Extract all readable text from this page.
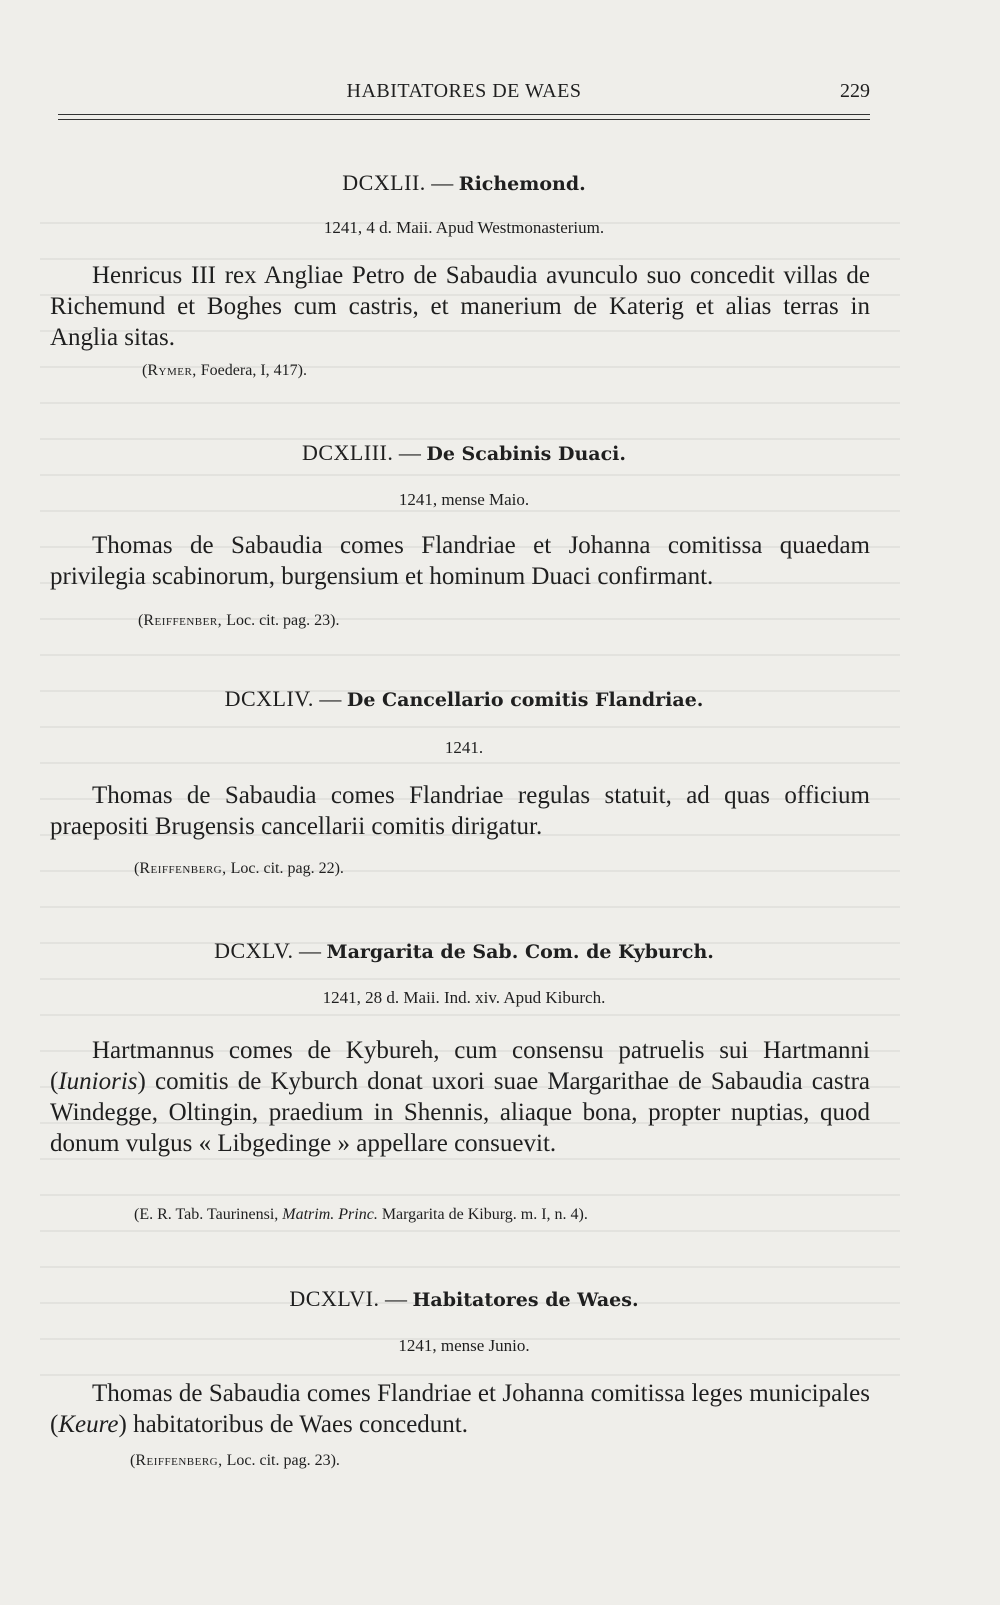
HABITATORES DE WAES	229
DCXLII. — Richemond.
1241, 4 d. Maii. Apud Westmonasterium.

Henricus III rex Angliae Petro de Sabaudia avunculo suo concedit villas de Richemund et Boghes cum castris, et manerium de Katerig et alias terras in Anglia sitas.

(Rymer, Foedera, I, 417).
DCXLIII. — De Scabinis Duaci.
1241, mense Maio.

Thomas de Sabaudia comes Flandriae et Johanna comitissa quaedam privilegia scabinorum, burgensium et hominum Duaci confirmant.

(Reiffenber, Loc. cit. pag. 23).
DCXLIV. — De Cancellario comitis Flandriae.
1241.

Thomas de Sabaudia comes Flandriae regulas statuit, ad quas officium praepositi Brugensis cancellarii comitis dirigatur.

(Reiffenberg, Loc. cit. pag. 22).
DCXLV. — Margarita de Sab. Com. de Kyburch.
1241, 28 d. Maii. Ind. xiv. Apud Kiburch.

Hartmannus comes de Kybureh, cum consensu patruelis sui Hartmanni (Iunioris) comitis de Kyburch donat uxori suae Margarithae de Sabaudia castra Windegge, Oltingin, praedium in Shennis, aliaque bona, propter nuptias, quod donum vulgus « Libgedinge » appellare consuevit.

(E. R. Tab. Taurinensi, Matrim. Princ. Margarita de Kiburg. m. I, n. 4).
DCXLVI. — Habitatores de Waes.
1241, mense Junio.

Thomas de Sabaudia comes Flandriae et Johanna comitissa leges municipales (Keure) habitatoribus de Waes concedunt.

(Reiffenberg, Loc. cit. pag. 23).
